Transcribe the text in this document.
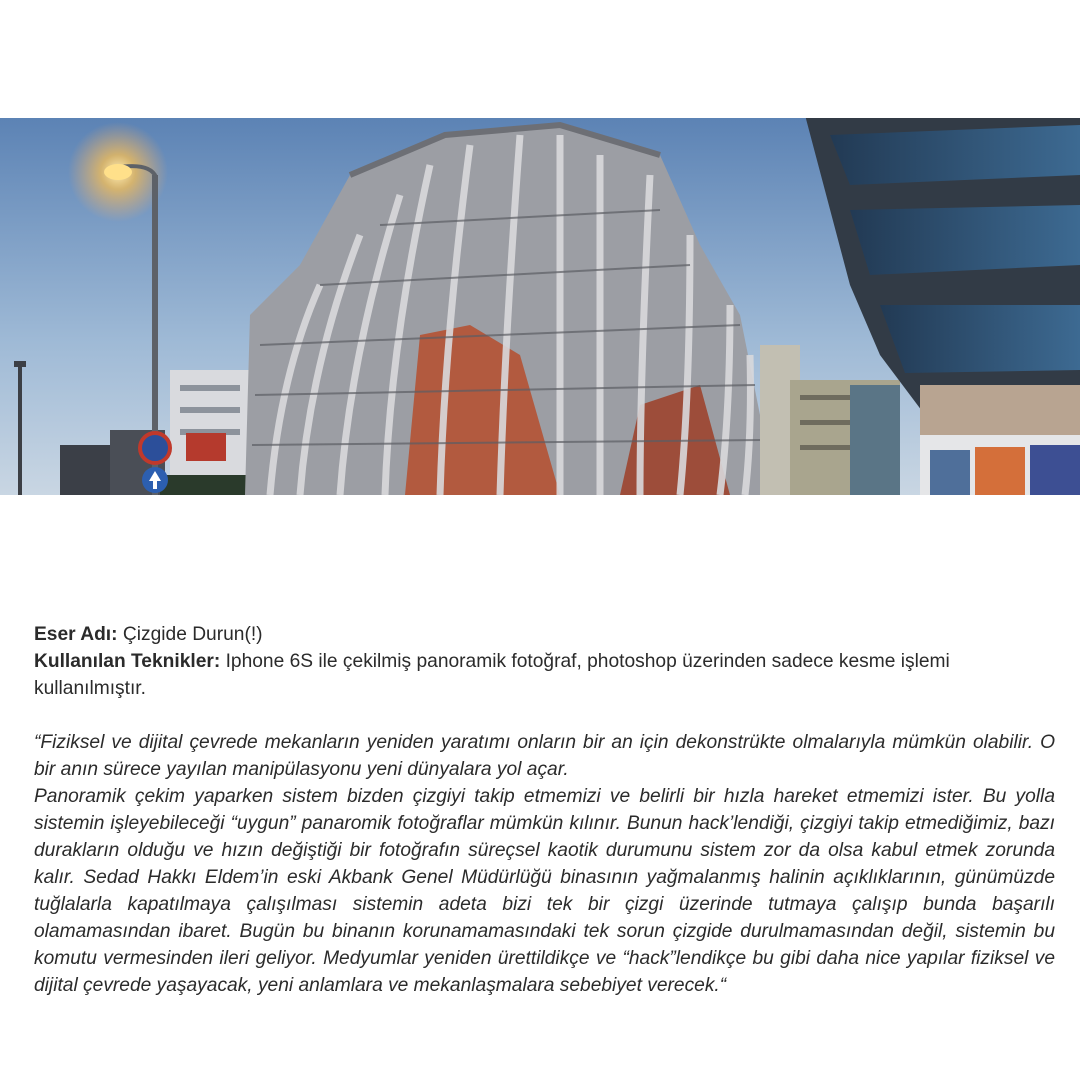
Eser Adı: Çizgide Durun(!)

Kullanılan Teknikler: Iphone 6S ile çekilmiş panoramik fotoğraf, photoshop üzerinden sadece kesme işlemi kullanılmıştır.

“Fiziksel ve dijital çevrede mekanların yeniden yaratımı onların bir an için dekonstrükte olmalarıyla mümkün olabilir. O bir anın sürece yayılan manipülasyonu yeni dünyalara yol açar.

Panoramik çekim yaparken sistem bizden çizgiyi takip etmemizi ve belirli bir hızla hareket etmemizi ister. Bu yolla sistemin işleyebileceği “uygun” panaromik fotoğraflar mümkün kılınır. Bunun hack’lendiği, çizgiyi takip etmediğimiz, bazı durakların olduğu ve hızın değiştiği bir fotoğrafın süreçsel kaotik durumunu sistem zor da olsa kabul etmek zorunda kalır. Sedad Hakkı Eldem’in eski Akbank Genel Müdürlüğü binasının yağmalanmış halinin açıklıklarının, günümüzde tuğlalarla kapatılmaya çalışılması sistemin adeta bizi tek bir çizgi üzerinde tutmaya çalışıp bunda başarılı olamamasından ibaret. Bugün bu binanın korunamamasındaki tek sorun çizgide durulmamasından değil, sistemin bu komutu vermesinden ileri geliyor. Medyumlar yeniden ürettildikçe ve “hack”lendikçe bu gibi daha nice yapılar fiziksel ve dijital çevrede yaşayacak, yeni anlamlara ve mekanlaşmalara sebebiyet verecek.“
